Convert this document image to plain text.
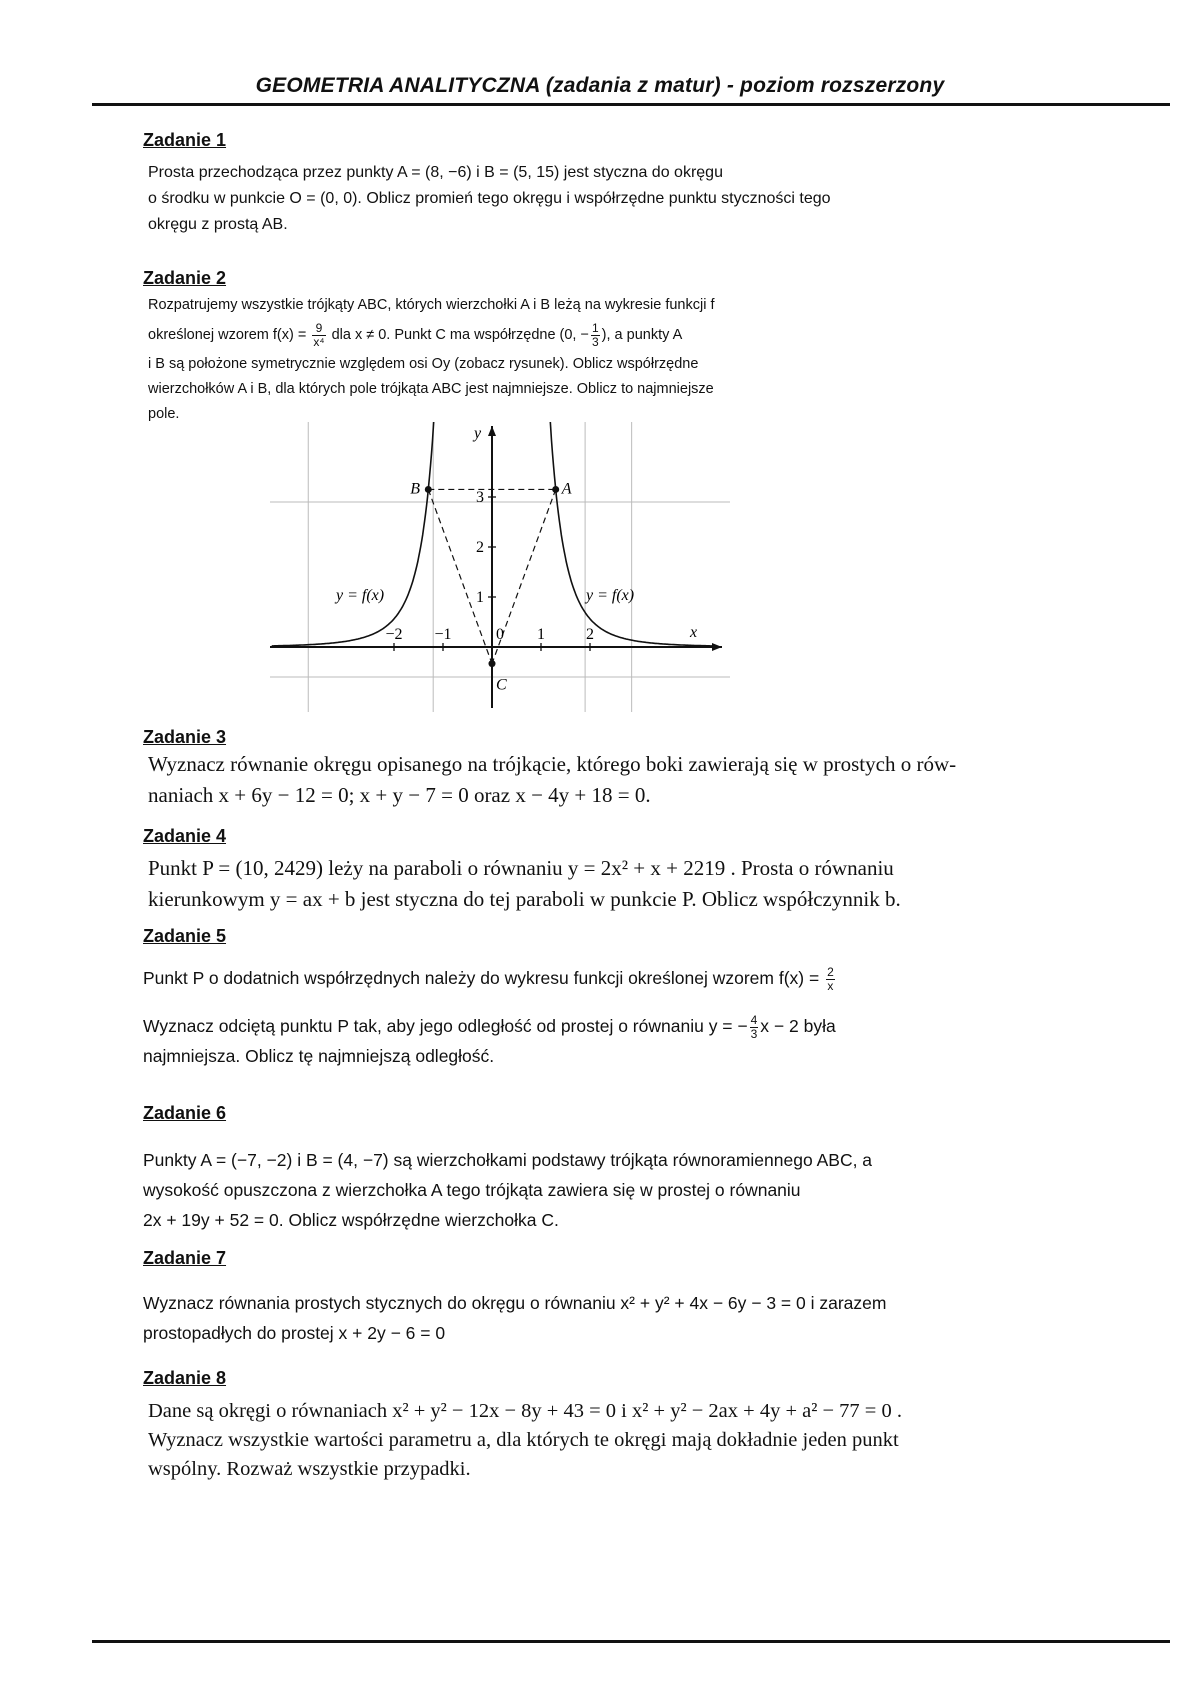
GEOMETRIA ANALITYCZNA (zadania z matur) - poziom rozszerzony
Zadanie 1
Prosta przechodząca przez punkty A = (8, −6) i B = (5, 15) jest styczna do okręgu
o środku w punkcie O = (0, 0). Oblicz promień tego okręgu i współrzędne punktu styczności tego
okręgu z prostą AB.
Zadanie 2
Rozpatrujemy wszystkie trójkąty ABC, których wierzchołki A i B leżą na wykresie funkcji f
określonej wzorem $f(x) = \frac{9}{\text{x⁴}}$ dla x ≠ 0. Punkt C ma współrzędne (0, − $\frac{1}{3}$ ), a punkty A
i B są położone symetrycznie względem osi Oy (zobacz rysunek). Oblicz współrzędne
wierzchołków A i B, dla których pole trójkąta ABC jest najmniejsze. Oblicz to najmniejsze
pole.
y
x
−2 −1	0 1	2
1
2
3
A
B
C
y = f(x)	y = f(x)
Zadanie 3
Wyznacz równanie okręgu opisanego na trójkącie, którego boki zawierają się w prostych o rów-
naniach x + 6y − 12 = 0; x + y − 7 = 0 oraz x − 4y + 18 = 0.
Zadanie 4
Punkt P = (10, 2429) leży na paraboli o równaniu y = 2x² + x + 2219 . Prosta o równaniu
kierunkowym y = ax + b jest styczna do tej paraboli w punkcie P. Oblicz współczynnik b.
Zadanie 5
Punkt P o dodatnich współrzędnych należy do wykresu funkcji określonej wzorem $f(x) = \frac{2}{x}$
Wyznacz odciętą punktu P tak, aby jego odległość od prostej o równaniu y = − $\frac{4}{3}$ x − 2 była
najmniejsza. Oblicz tę najmniejszą odległość.
Zadanie 6
Punkty A = (−7, −2) i B = (4, −7) są wierzchołkami podstawy trójkąta równoramiennego ABC, a
wysokość opuszczona z wierzchołka A tego trójkąta zawiera się w prostej o równaniu
2x + 19y + 52 = 0. Oblicz współrzędne wierzchołka C.
Zadanie 7
Wyznacz równania prostych stycznych do okręgu o równaniu x² + y² + 4x − 6y − 3 = 0 i zarazem
prostopadłych do prostej x + 2y − 6 = 0
Zadanie 8
Dane są okręgi o równaniach x² + y² − 12x − 8y + 43 = 0 i x² + y² − 2ax + 4y + a² − 77 = 0 .
Wyznacz wszystkie wartości parametru a, dla których te okręgi mają dokładnie jeden punkt
wspólny. Rozważ wszystkie przypadki.
